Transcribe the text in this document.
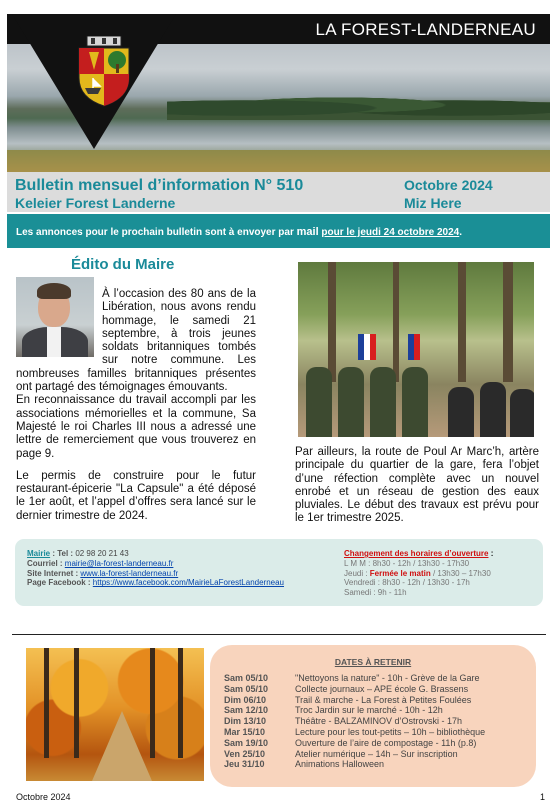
LA FOREST-LANDERNEAU
Bulletin mensuel d’information N° 510
Keleier Forest Landerne
Octobre 2024
Miz Here
Les annonces pour le prochain bulletin sont à envoyer par mail pour le jeudi 24 octobre 2024.
Édito du Maire

À l’occasion des 80 ans de la Libération, nous avons rendu hommage, le samedi 21 septembre, à trois jeunes soldats britanniques tombés sur notre commune. Les nombreuses familles britanniques présentes ont partagé des témoignages émouvants.

En reconnaissance du travail accompli par les associations mémorielles et la commune, Sa Majesté le roi Charles III nous a adressé une lettre de remerciement que vous trouverez en page 9.

Le permis de construire pour le futur restaurant-épicerie "La Capsule" a été déposé le 1er août, et l’appel d’offres sera lancé sur le dernier trimestre de 2024.

Par ailleurs, la route de Poul Ar Marc’h, artère principale du quartier de la gare, fera l’objet d’une réfection complète avec un nouvel enrobé et un réseau de gestion des eaux pluviales. Le début des travaux est prévu pour le 1er trimestre 2025.
Mairie : Tel : 02 98 20 21 43
Courriel : mairie@la-forest-landerneau.fr
Site Internet : www.la-forest-landerneau.fr
Page Facebook : https://www.facebook.com/MairieLaForestLanderneau
Changement des horaires d’ouverture :
L M M : 8h30 - 12h / 13h30 - 17h30
Jeudi : Fermée le matin / 13h30 – 17h30
Vendredi : 8h30 - 12h / 13h30 - 17h
Samedi : 9h - 11h
DATES À RETENIR
Sam 05/10	"Nettoyons la nature" - 10h - Grève de la Gare
Sam 05/10	Collecte journaux – APE école G. Brassens
Dim 06/10	Trail & marche - La Forest à Petites Foulées
Sam 12/10	Troc Jardin sur le marché - 10h - 12h
Dim 13/10	Théâtre - BALZAMINOV d’Ostrovski - 17h
Mar 15/10	Lecture pour les tout-petits – 10h – bibliothèque
Sam 19/10	Ouverture de l’aire de compostage - 11h (p.8)
Ven 25/10	Atelier numérique – 14h – Sur inscription
Jeu 31/10	Animations Halloween
Octobre 2024	1
